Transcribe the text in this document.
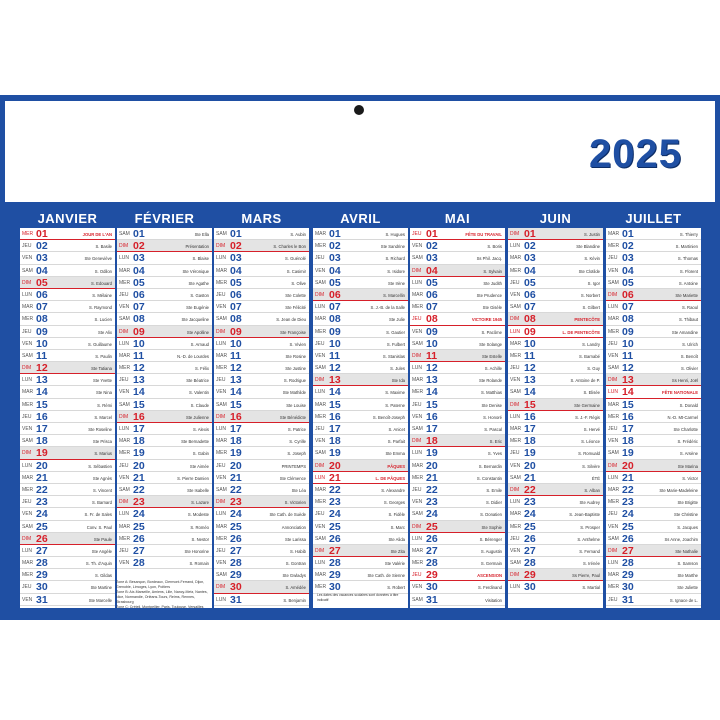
2025
JANVIER
MER 01	JOUR DE L'AN
JEU 02	S. Basile
VEN 03	Ste Geneviève
SAM 04	S. Odilon
DIM 05	S. Edouard
LUN 06	S. Mélaine
MAR 07	S. Raymond
MER 08	S. Lucien
JEU 09	Ste Alix
VEN 10	S. Guillaume
SAM 11	S. Paulin
DIM 12	Ste Tatiana
LUN 13	Ste Yvette
MAR 14	Ste Nina
MER 15	S. Rémi
JEU 16	S. Marcel
VEN 17	Ste Roseline
SAM 18	Ste Prisca
DIM 19	S. Marius
LUN 20	S. Sébastien
MAR 21	Ste Agnès
MER 22	S. Vincent
JEU 23	S. Barnard
VEN 24	S. Fr. de Sales
SAM 25	Conv. S. Paul
DIM 26	Ste Paule
LUN 27	Ste Angèle
MAR 28	S. Th. d'Aquin
MER 29	S. Gildas
JEU 30	Ste Martine
VEN 31	Ste Marcelle
FÉVRIER
SAM 01	Ste Ella
DIM 02	Présentation
LUN 03	S. Blaise
MAR 04	Ste Véronique
MER 05	Ste Agathe
JEU 06	S. Gaston
VEN 07	Ste Eugénie
SAM 08	Ste Jacqueline
DIM 09	Ste Apolline
LUN 10	S. Arnaud
MAR 11	N.-D. de Lourdes
MER 12	S. Félix
JEU 13	Ste Béatrice
VEN 14	S. Valentin
SAM 15	S. Claude
DIM 16	Ste Julienne
LUN 17	S. Alexis
MAR 18	Ste Bernadette
MER 19	S. Gabin
JEU 20	Ste Aimée
VEN 21	S. Pierre Damien
SAM 22	Ste Isabelle
DIM 23	S. Lazare
LUN 24	S. Modeste
MAR 25	S. Roméo
MER 26	S. Nestor
JEU 27	Ste Honorine
VEN 28	S. Romain
MARS
SAM 01	S. Aubin
DIM 02	S. Charles le Bon
LUN 03	S. Guénolé
MAR 04	S. Casimir
MER 05	S. Olive
JEU 06	Ste Colette
VEN 07	Ste Félicité
SAM 08	S. Jean de Dieu
DIM 09	Ste Françoise
LUN 10	S. Vivien
MAR 11	Ste Rosine
MER 12	Ste Justine
JEU 13	S. Rodrigue
VEN 14	Ste Mathilde
SAM 15	Ste Louise
DIM 16	Ste Bénédicte
LUN 17	S. Patrice
MAR 18	S. Cyrille
MER 19	S. Joseph
JEU 20	PRINTEMPS
VEN 21	Ste Clémence
SAM 22	Ste Léa
DIM 23	S. Victorien
LUN 24	Ste Cath. de Suède
MAR 25	Annonciation
MER 26	Ste Larissa
JEU 27	S. Habib
VEN 28	S. Gontran
SAM 29	Ste Gwladys
DIM 30	S. Amédée
LUN 31	S. Benjamin
AVRIL
MAR 01	S. Hugues
MER 02	Ste Sandrine
JEU 03	S. Richard
VEN 04	S. Isidore
SAM 05	Ste Irène
DIM 06	S. Marcellin
LUN 07	S. J.-B. de la Salle
MAR 08	Ste Julie
MER 09	S. Gautier
JEU 10	S. Fulbert
VEN 11	S. Stanislas
SAM 12	S. Jules
DIM 13	Ste Ida
LUN 14	S. Maxime
MAR 15	S. Paterne
MER 16	S. Benoît-Joseph
JEU 17	S. Anicet
VEN 18	S. Parfait
SAM 19	Ste Emma
DIM 20	PÂQUES
LUN 21	L. DE PÂQUES
MAR 22	S. Alexandre
MER 23	S. Georges
JEU 24	S. Fidèle
VEN 25	S. Marc
SAM 26	Ste Alida
DIM 27	Ste Zita
LUN 28	Ste Valérie
MAR 29	Ste Cath. de Sienne
MER 30	S. Robert
MAI
JEU 01	FÊTE DU TRAVAIL
VEN 02	S. Boris
SAM 03	Ss Phil. Jacq.
DIM 04	S. Sylvain
LUN 05	Ste Judith
MAR 06	Ste Prudence
MER 07	Ste Gisèle
JEU 08	VICTOIRE 1945
VEN 09	S. Pacôme
SAM 10	Ste Solange
DIM 11	Ste Estelle
LUN 12	S. Achille
MAR 13	Ste Rolande
MER 14	S. Matthias
JEU 15	Ste Denise
VEN 16	S. Honoré
SAM 17	S. Pascal
DIM 18	S. Eric
LUN 19	S. Yves
MAR 20	S. Bernardin
MER 21	S. Constantin
JEU 22	S. Emile
VEN 23	S. Didier
SAM 24	S. Donatien
DIM 25	Ste Sophie
LUN 26	S. Bérenger
MAR 27	S. Augustin
MER 28	S. Germain
JEU 29	ASCENSION
VEN 30	S. Ferdinand
SAM 31	Visitation
JUIN
DIM 01	S. Justin
LUN 02	Ste Blandine
MAR 03	S. Kévin
MER 04	Ste Clotilde
JEU 05	S. Igor
VEN 06	S. Norbert
SAM 07	S. Gilbert
DIM 08	PENTECÔTE
LUN 09	L. DE PENTECÔTE
MAR 10	S. Landry
MER 11	S. Barnabé
JEU 12	S. Guy
VEN 13	S. Antoine de P.
SAM 14	S. Elisée
DIM 15	Ste Germaine
LUN 16	S. J.-F. Régis
MAR 17	S. Hervé
MER 18	S. Léonce
JEU 19	S. Romuald
VEN 20	S. Silvère
SAM 21	ÉTÉ
DIM 22	S. Alban
LUN 23	Ste Audrey
MAR 24	S. Jean-Baptiste
MER 25	S. Prosper
JEU 26	S. Anthelme
VEN 27	S. Fernand
SAM 28	S. Irénée
DIM 29	Ss Pierre, Paul
LUN 30	S. Martial
JUILLET
MAR 01	S. Thierry
MER 02	S. Martinien
JEU 03	S. Thomas
VEN 04	S. Florent
SAM 05	S. Antoine
DIM 06	Ste Mariette
LUN 07	S. Raoul
MAR 08	S. Thibaut
MER 09	Ste Amandine
JEU 10	S. Ulrich
VEN 11	S. Benoît
SAM 12	S. Olivier
DIM 13	Ss Henri, Joël
LUN 14	FÊTE NATIONALE
MAR 15	S. Donald
MER 16	N.-D. Mt-Carmel
JEU 17	Ste Charlotte
VEN 18	S. Frédéric
SAM 19	S. Arsène
DIM 20	Ste Marina
LUN 21	S. Victor
MAR 22	Ste Marie-Madeleine
MER 23	Ste Brigitte
JEU 24	Ste Christine
VEN 25	S. Jacques
SAM 26	Ss Anne, Joachim
DIM 27	Ste Nathalie
LUN 28	S. Samson
MAR 29	Ste Marthe
MER 30	Ste Juliette
JEU 31	S. Ignace de L.
Zone A: Besançon, Bordeaux, Clermont-Ferrand, Dijon, Grenoble, Limoges, Lyon, Poitiers
Zone B: Aix-Marseille, Amiens, Lille, Nancy-Metz, Nantes, Nice, Normandie, Orléans-Tours, Reims, Rennes, Strasbourg
Zone C: Créteil, Montpellier, Paris, Toulouse, Versailles
Les dates des vacances scolaires sont données à titre indicatif
